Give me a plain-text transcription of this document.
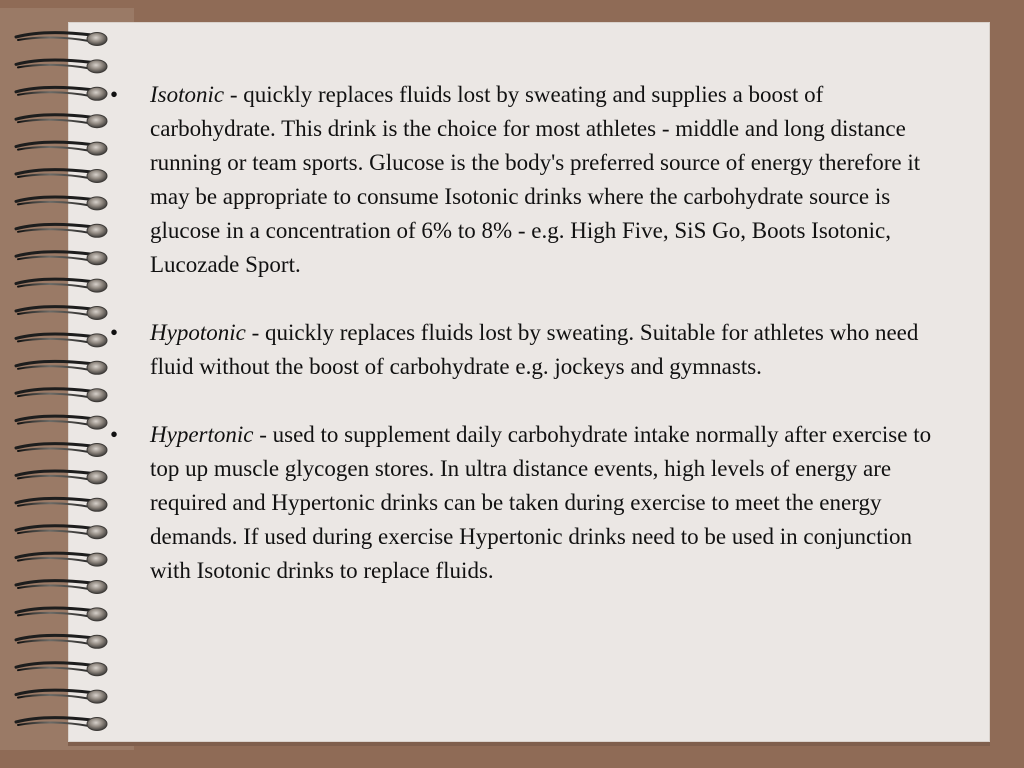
•	Isotonic - quickly replaces fluids lost by sweating and supplies a boost of carbohydrate. This drink is the choice for most athletes - middle and long distance running or team sports. Glucose is the body's preferred source of energy therefore it may be appropriate to consume Isotonic drinks where the carbohydrate source is glucose in a concentration of 6% to 8% - e.g. High Five, SiS Go, Boots Isotonic, Lucozade Sport.
•	Hypotonic - quickly replaces fluids lost by sweating. Suitable for athletes who need fluid without the boost of carbohydrate e.g. jockeys and gymnasts.
•	Hypertonic - used to supplement daily carbohydrate intake normally after exercise to top up muscle glycogen stores. In ultra distance events, high levels of energy are required and Hypertonic drinks can be taken during exercise to meet the energy demands. If used during exercise Hypertonic drinks need to be used in conjunction with Isotonic drinks to replace fluids.
